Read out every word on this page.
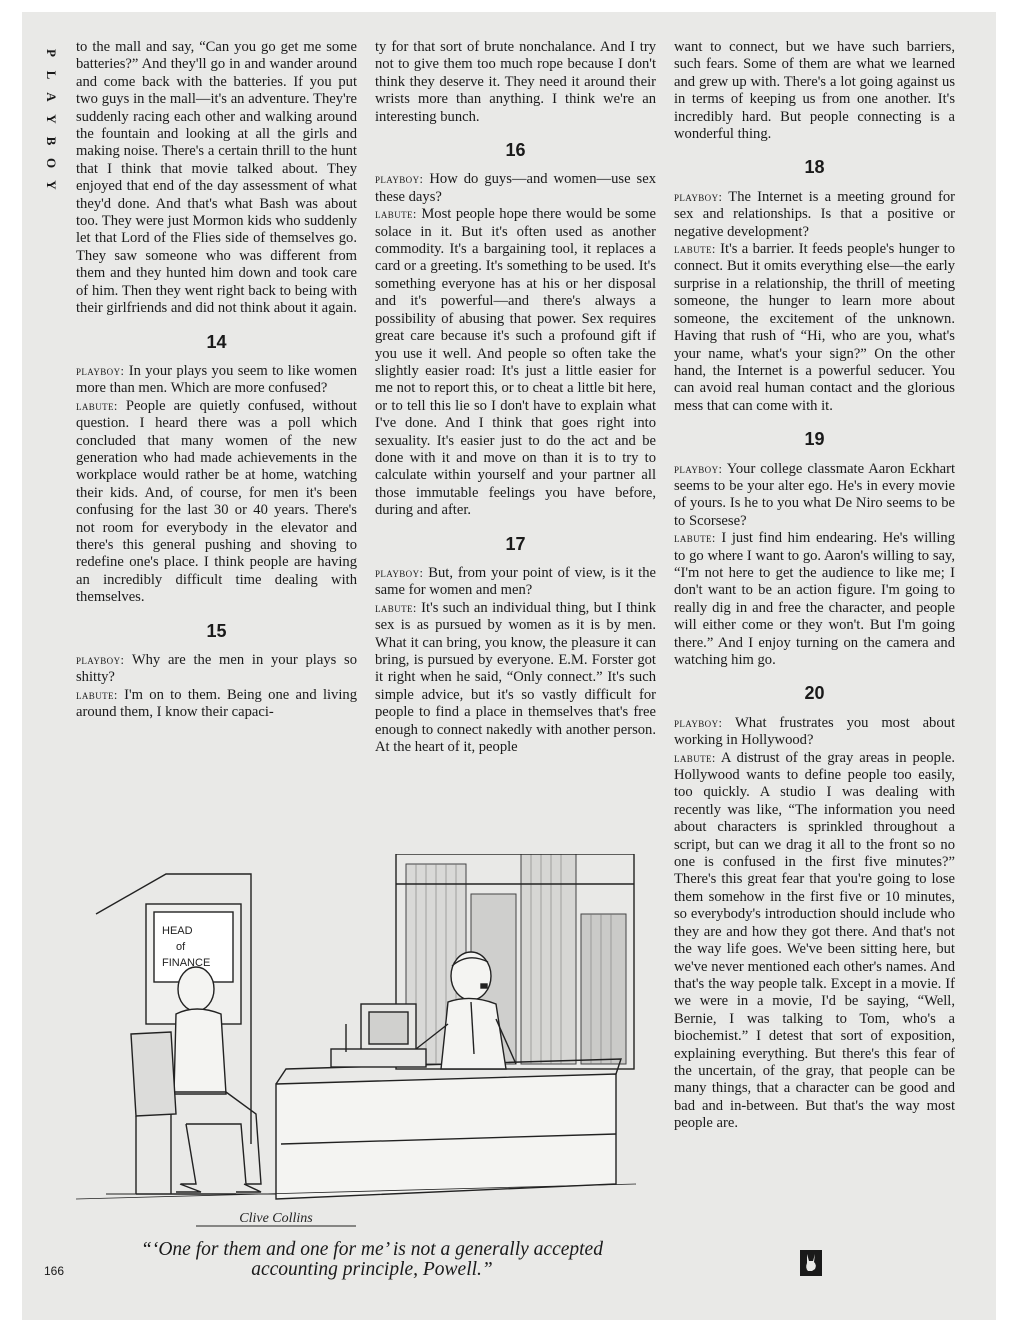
P
L
A
Y
B
O
Y

to the mall and say, “Can you go get me some batteries?” And they'll go in and wander around and come back with the batteries. If you put two guys in the mall—it's an adventure. They're suddenly racing each other and walking around the fountain and looking at all the girls and making noise. There's a certain thrill to the hunt that I think that movie talked about. They enjoyed that end of the day assessment of what they'd done. And that's what Bash was about too. They were just Mormon kids who suddenly let that Lord of the Flies side of themselves go. They saw someone who was different from them and they hunted him down and took care of him. Then they went right back to being with their girlfriends and did not think about it again.

14

playboy: In your plays you seem to like women more than men. Which are more confused?

labute: People are quietly confused, without question. I heard there was a poll which concluded that many women of the new generation who had made achievements in the workplace would rather be at home, watching their kids. And, of course, for men it's been confusing for the last 30 or 40 years. There's not room for everybody in the elevator and there's this general pushing and shoving to redefine one's place. I think people are having an incredibly difficult time dealing with themselves.

15

playboy: Why are the men in your plays so shitty?

labute: I'm on to them. Being one and living around them, I know their capaci-

ty for that sort of brute nonchalance. And I try not to give them too much rope because I don't think they deserve it. They need it around their wrists more than anything. I think we're an interesting bunch.

16

playboy: How do guys—and women—use sex these days?

labute: Most people hope there would be some solace in it. But it's often used as another commodity. It's a bargaining tool, it replaces a card or a greeting. It's something to be used. It's something everyone has at his or her disposal and it's powerful—and there's always a possibility of abusing that power. Sex requires great care because it's such a profound gift if you use it well. And people so often take the slightly easier road: It's just a little easier for me not to report this, or to cheat a little bit here, or to tell this lie so I don't have to explain what I've done. And I think that goes right into sexuality. It's easier just to do the act and be done with it and move on than it is to try to calculate within yourself and your partner all those immutable feelings you have before, during and after.

17

playboy: But, from your point of view, is it the same for women and men?

labute: It's such an individual thing, but I think sex is as pursued by women as it is by men. What it can bring, you know, the pleasure it can bring, is pursued by everyone. E.M. Forster got it right when he said, “Only connect.” It's such simple advice, but it's so vastly difficult for people to find a place in themselves that's free enough to connect nakedly with another person. At the heart of it, people

want to connect, but we have such barriers, such fears. Some of them are what we learned and grew up with. There's a lot going against us in terms of keeping us from one another. It's incredibly hard. But people connecting is a wonderful thing.

18

playboy: The Internet is a meeting ground for sex and relationships. Is that a positive or negative development?

labute: It's a barrier. It feeds people's hunger to connect. But it omits everything else—the early surprise in a relationship, the thrill of meeting someone, the hunger to learn more about someone, the excitement of the unknown. Having that rush of “Hi, who are you, what's your name, what's your sign?” On the other hand, the Internet is a powerful seducer. You can avoid real human contact and the glorious mess that can come with it.

19

playboy: Your college classmate Aaron Eckhart seems to be your alter ego. He's in every movie of yours. Is he to you what De Niro seems to be to Scorsese?

labute: I just find him endearing. He's willing to go where I want to go. Aaron's willing to say, “I'm not here to get the audience to like me; I don't want to be an action figure. I'm going to really dig in and free the character, and people will either come or they won't. But I'm going there.” And I enjoy turning on the camera and watching him go.

20

playboy: What frustrates you most about working in Hollywood?

labute: A distrust of the gray areas in people. Hollywood wants to define people too easily, too quickly. A studio I was dealing with recently was like, “The information you need about characters is sprinkled throughout a script, but can we drag it all to the front so no one is confused in the first five minutes?” There's this great fear that you're going to lose them somehow in the first five or 10 minutes, so everybody's introduction should include who they are and how they got there. And that's not the way life goes. We've been sitting here, but we've never mentioned each other's names. And that's the way people talk. Except in a movie. If we were in a movie, I'd be saying, “Well, Bernie, I was talking to Tom, who's a biochemist.” I detest that sort of exposition, explaining everything. But there's this fear of the uncertain, of the gray, that people can be many things, that a character can be good and bad and in-between. But that's the way most people are.

HEAD
of
FINANCE
Clive Collins
“‘One for them and one for me’ is not a generally accepted
accounting principle, Powell.”
166
